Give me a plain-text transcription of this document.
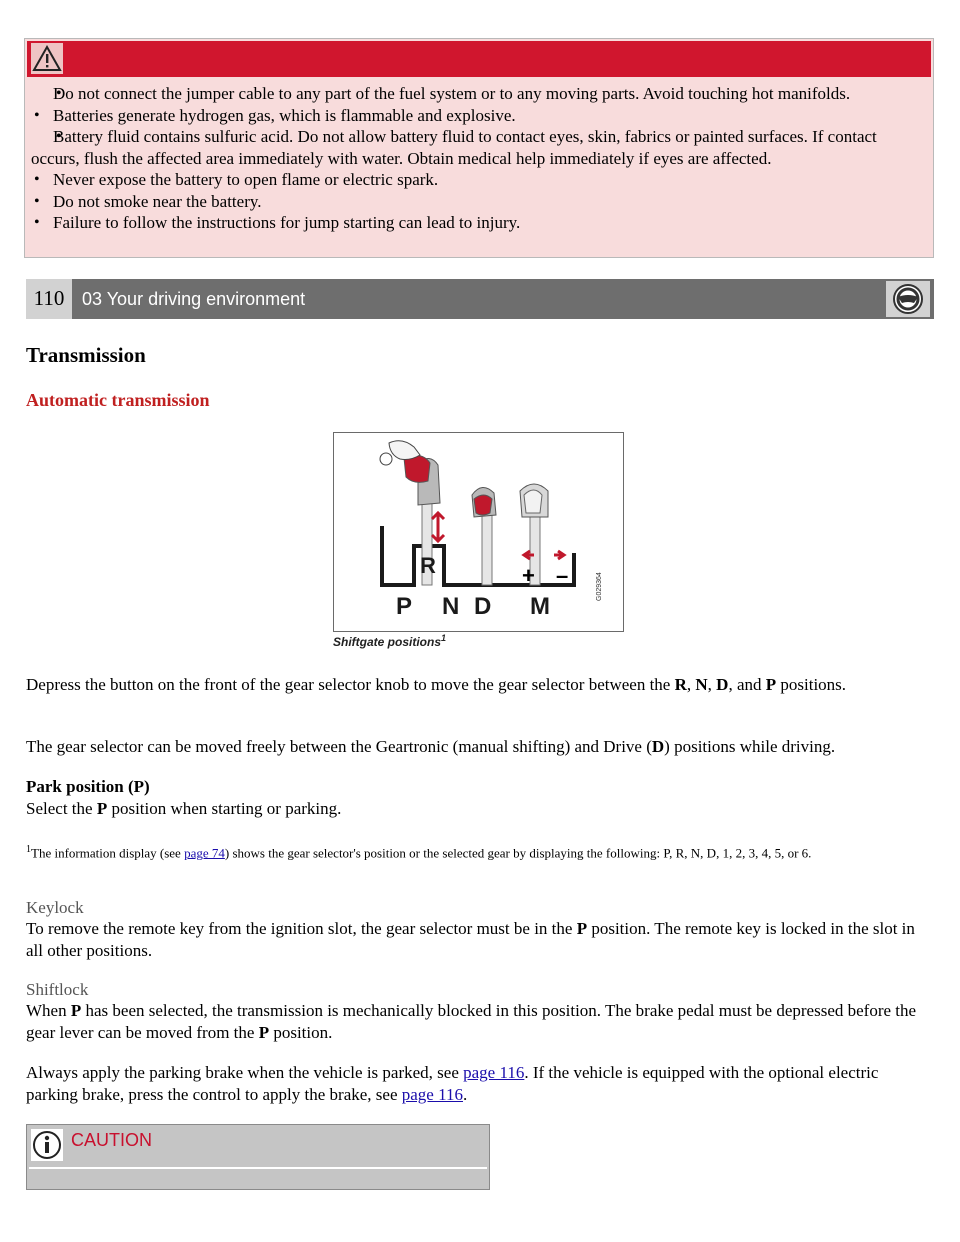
• Do not connect the jumper cable to any part of the fuel system or to any moving parts. Avoid touching hot manifolds.
• Batteries generate hydrogen gas, which is flammable and explosive.
• Battery fluid contains sulfuric acid. Do not allow battery fluid to contact eyes, skin, fabrics or painted surfaces. If contact occurs, flush the affected area immediately with water. Obtain medical help immediately if eyes are affected.
• Never expose the battery to open flame or electric spark.
• Do not smoke near the battery.
• Failure to follow the instructions for jump starting can lead to injury.
110 03 Your driving environment
Transmission
Automatic transmission
R	+ –
P N D M
G029364
Shiftgate positions$^1$

Depress the button on the front of the gear selector knob to move the gear selector between the R, N, D, and P positions.

The gear selector can be moved freely between the Geartronic (manual shifting) and Drive (D) positions while driving.

Park position (P)
Select the P position when starting or parking.

$^1$The information display (see page 74) shows the gear selector's position or the selected gear by displaying the following: P, R, N, D, 1, 2, 3, 4, 5, or 6.

Keylock

To remove the remote key from the ignition slot, the gear selector must be in the P position. The remote key is locked in the slot in all other positions.

Shiftlock

When P has been selected, the transmission is mechanically blocked in this position. The brake pedal must be depressed before the gear lever can be moved from the P position.

Always apply the parking brake when the vehicle is parked, see page 116. If the vehicle is equipped with the optional electric parking brake, press the control to apply the brake, see page 116.

CAUTION
